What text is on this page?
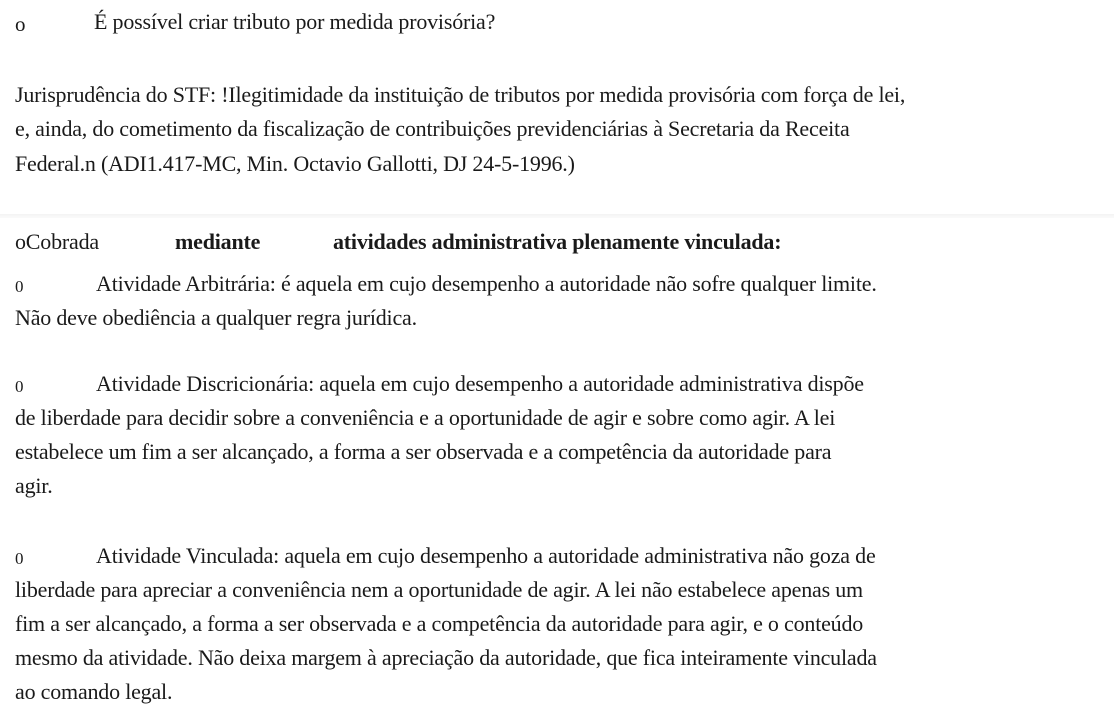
o	É possível criar tributo por medida provisória?
Jurisprudência do STF: !Ilegitimidade da instituição de tributos por medida provisória com força de lei,
e, ainda, do cometimento da fiscalização de contribuições previdenciárias à Secretaria da Receita
Federal.n (ADI1.417-MC, Min. Octavio Gallotti, DJ 24-5-1996.)
oCobrada	mediante	atividades administrativa plenamente vinculada:
0	Atividade Arbitrária: é aquela em cujo desempenho a autoridade não sofre qualquer limite.
Não deve obediência a qualquer regra jurídica.
0	Atividade Discricionária: aquela em cujo desempenho a autoridade administrativa dispõe
de liberdade para decidir sobre a conveniência e a oportunidade de agir e sobre como agir. A lei
estabelece um fim a ser alcançado, a forma a ser observada e a competência da autoridade para
agir.
0	Atividade Vinculada: aquela em cujo desempenho a autoridade administrativa não goza de
liberdade para apreciar a conveniência nem a oportunidade de agir. A lei não estabelece apenas um
fim a ser alcançado, a forma a ser observada e a competência da autoridade para agir, e o conteúdo
mesmo da atividade. Não deixa margem à apreciação da autoridade, que fica inteiramente vinculada
ao comando legal.
